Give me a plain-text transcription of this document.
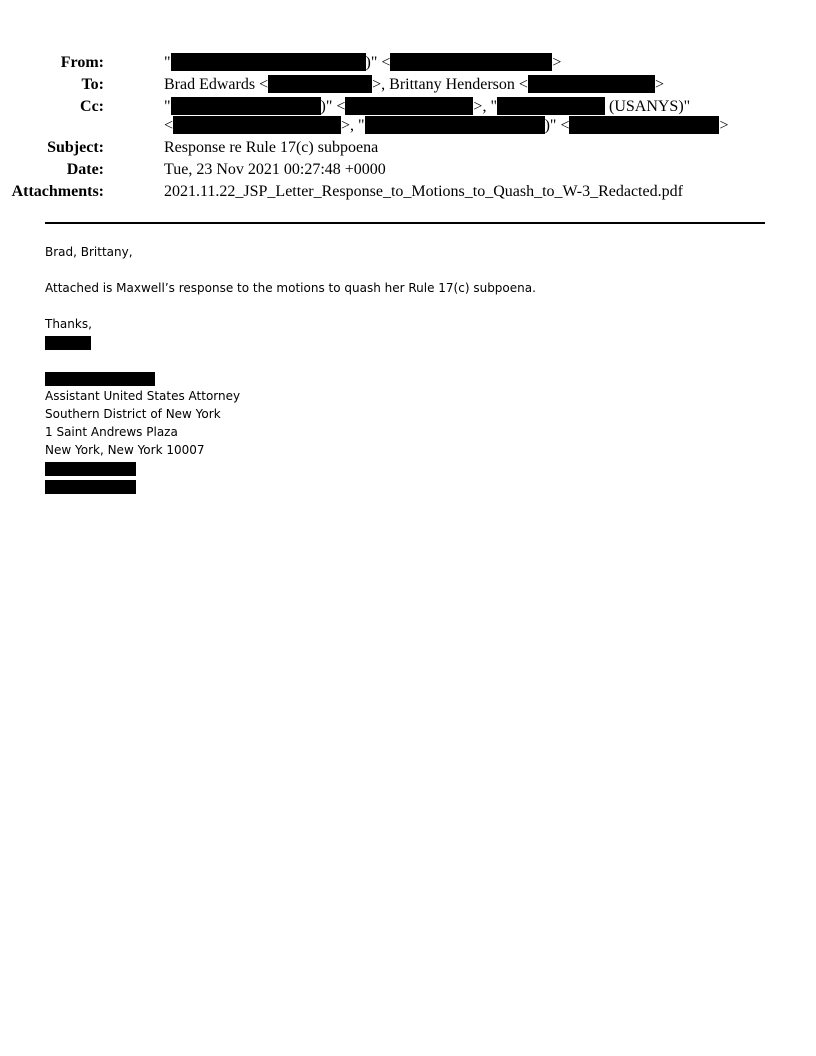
From:	"	)" <	>
To:	Brad Edwards <	>, Brittany Henderson <	>
Cc:	"	)" <	>, "	(USANYS)"
<	>, "	)" <	>
Subject:	Response re Rule 17(c) subpoena
Date:	Tue, 23 Nov 2021 00:27:48 +0000
Attachments:	2021.11.22_JSP_Letter_Response_to_Motions_to_Quash_to_W-3_Redacted.pdf
Brad, Brittany,
Attached is Maxwell’s response to the motions to quash her Rule 17(c) subpoena.
Thanks,
Assistant United States Attorney
Southern District of New York
1 Saint Andrews Plaza
New York, New York 10007
